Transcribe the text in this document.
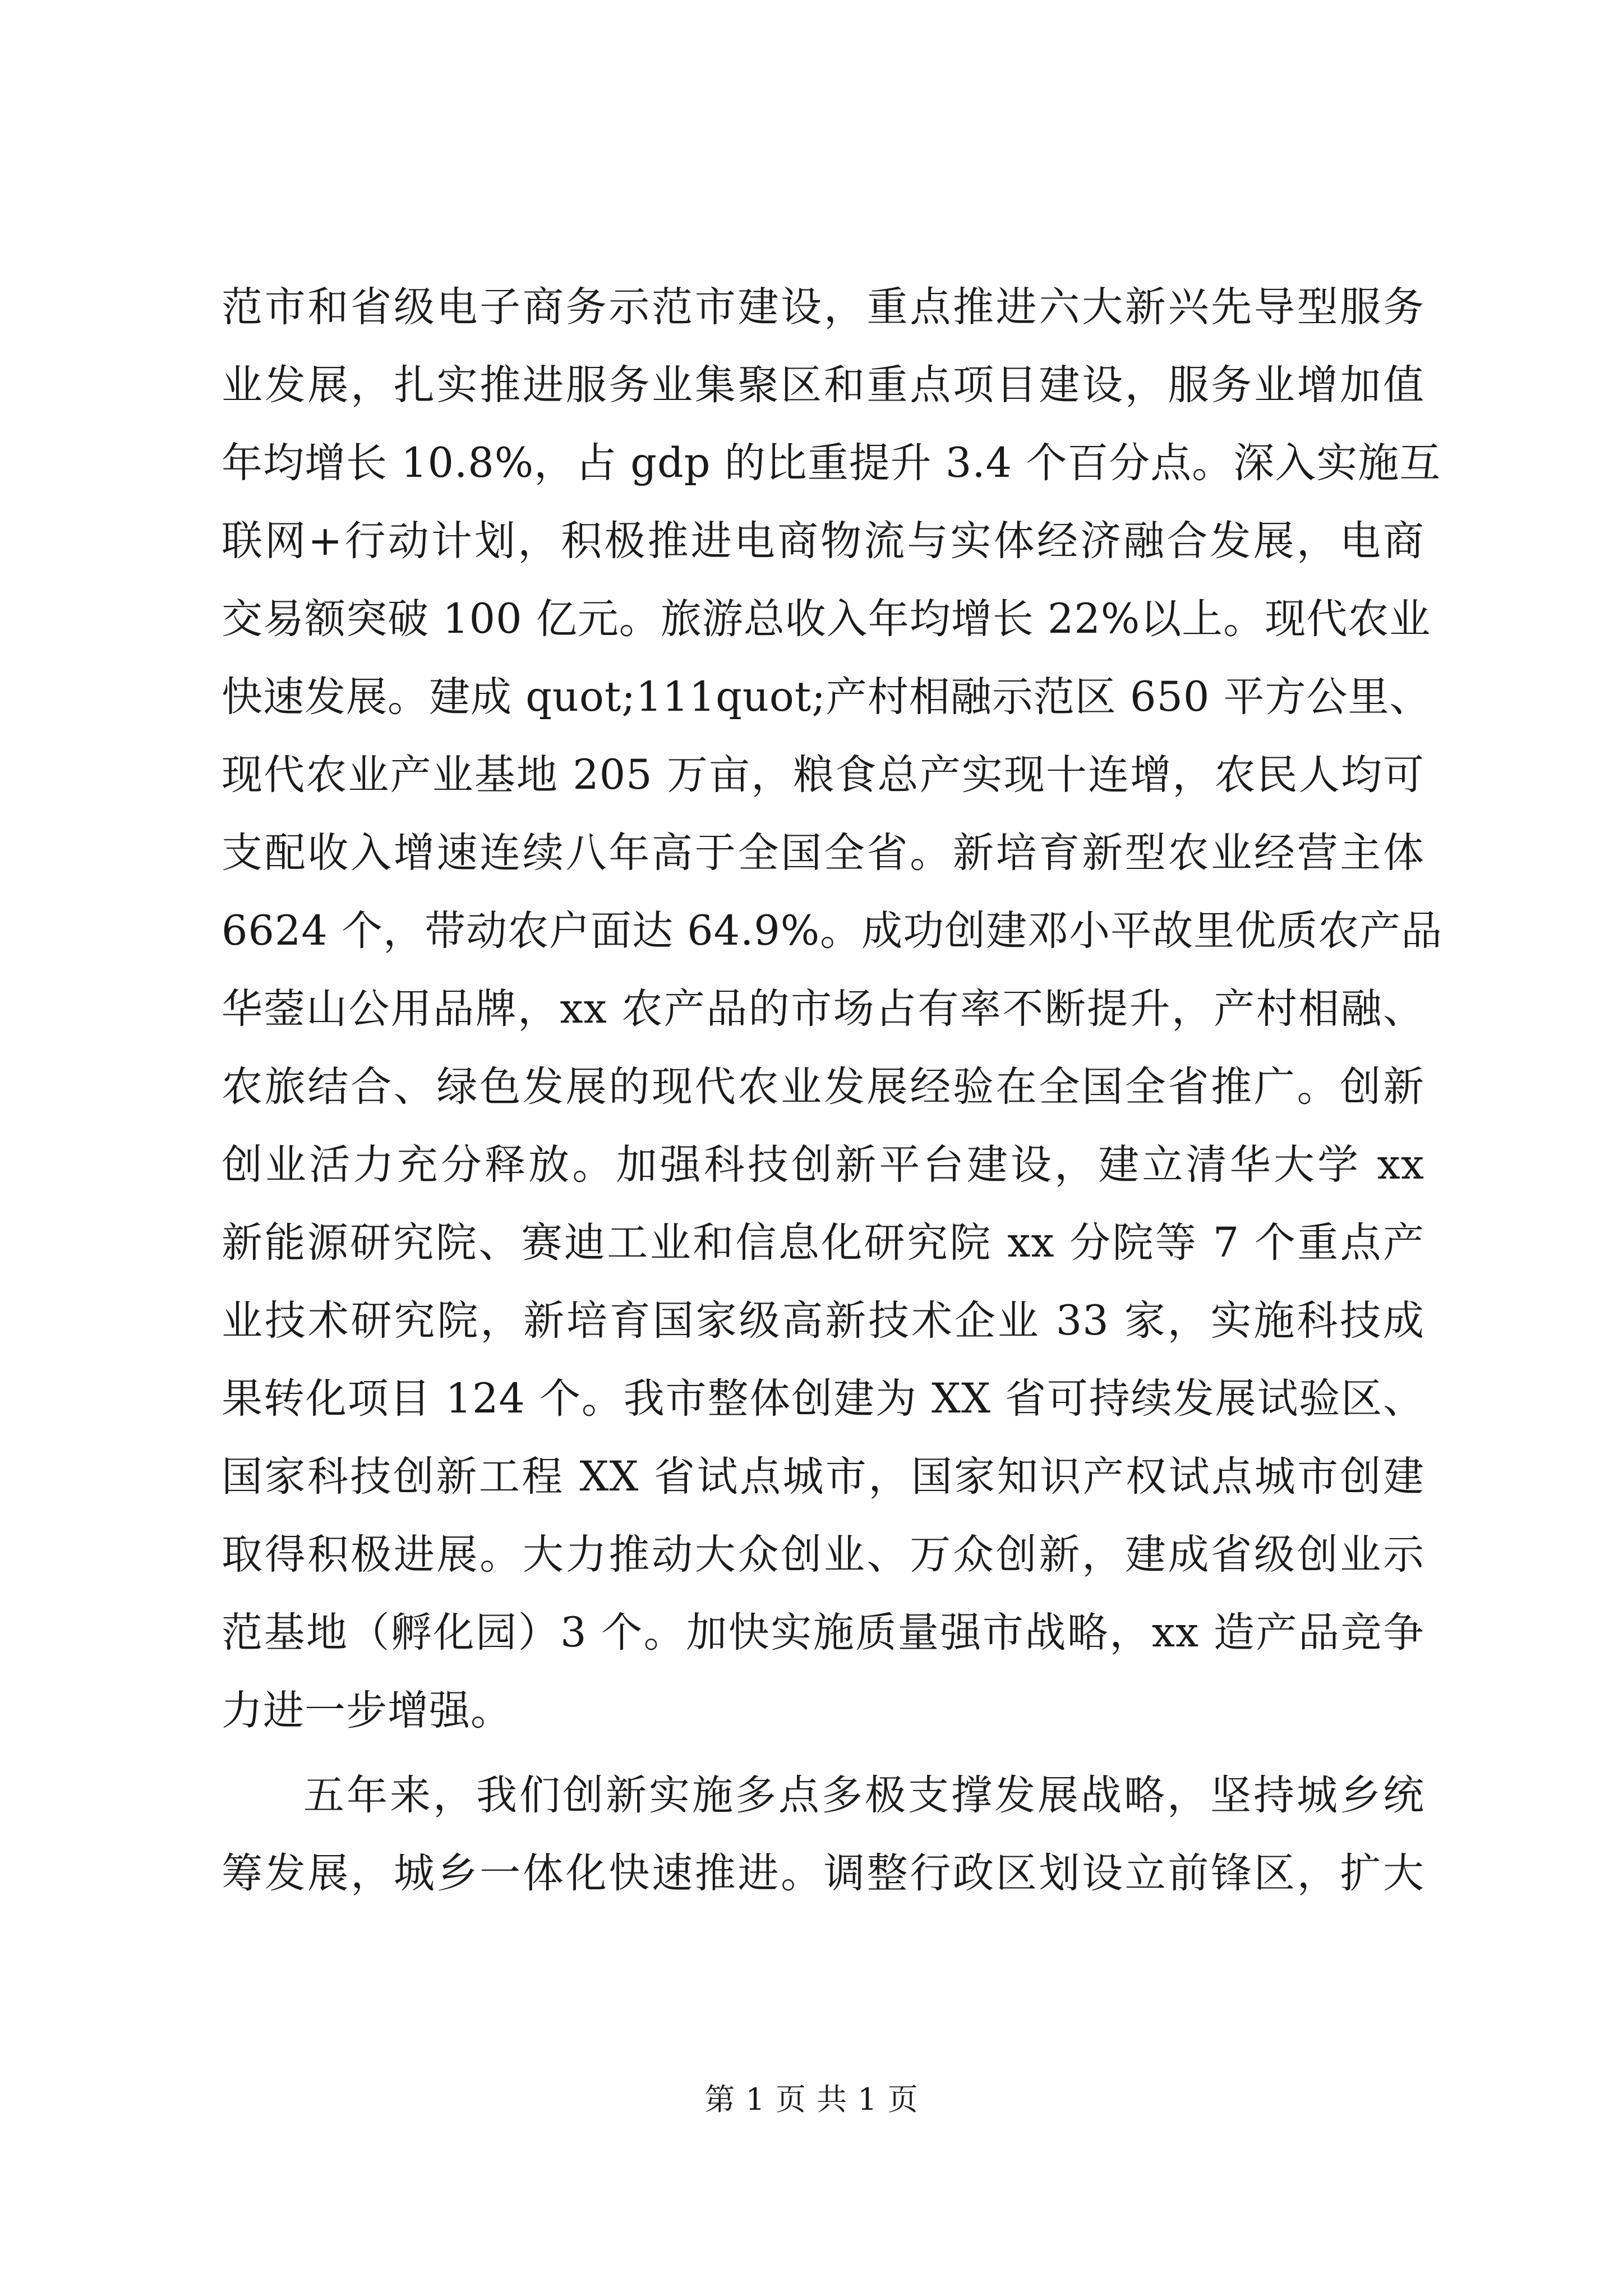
范市和省级电子商务示范市建设，重点推进六大新兴先导型服务
业发展，扎实推进服务业集聚区和重点项目建设，服务业增加值
年均增长 10.8%，占 gdp 的比重提升 3.4 个百分点。深入实施互
联网+行动计划，积极推进电商物流与实体经济融合发展，电商
交易额突破 100 亿元。旅游总收入年均增长 22%以上。现代农业
快速发展。建成 quot;111quot;产村相融示范区 650 平方公里、
现代农业产业基地 205 万亩，粮食总产实现十连增，农民人均可
支配收入增速连续八年高于全国全省。新培育新型农业经营主体
6624 个，带动农户面达 64.9%。成功创建邓小平故里优质农产品
华蓥山公用品牌，xx 农产品的市场占有率不断提升，产村相融、
农旅结合、绿色发展的现代农业发展经验在全国全省推广。创新
创业活力充分释放。加强科技创新平台建设，建立清华大学 xx
新能源研究院、赛迪工业和信息化研究院 xx 分院等 7 个重点产
业技术研究院，新培育国家级高新技术企业 33 家，实施科技成
果转化项目 124 个。我市整体创建为 XX 省可持续发展试验区、
国家科技创新工程 XX 省试点城市，国家知识产权试点城市创建
取得积极进展。大力推动大众创业、万众创新，建成省级创业示
范基地（孵化园）3 个。加快实施质量强市战略，xx 造产品竞争
力进一步增强。
五年来，我们创新实施多点多极支撑发展战略，坚持城乡统
筹发展，城乡一体化快速推进。调整行政区划设立前锋区，扩大
第 1 页 共 1 页
